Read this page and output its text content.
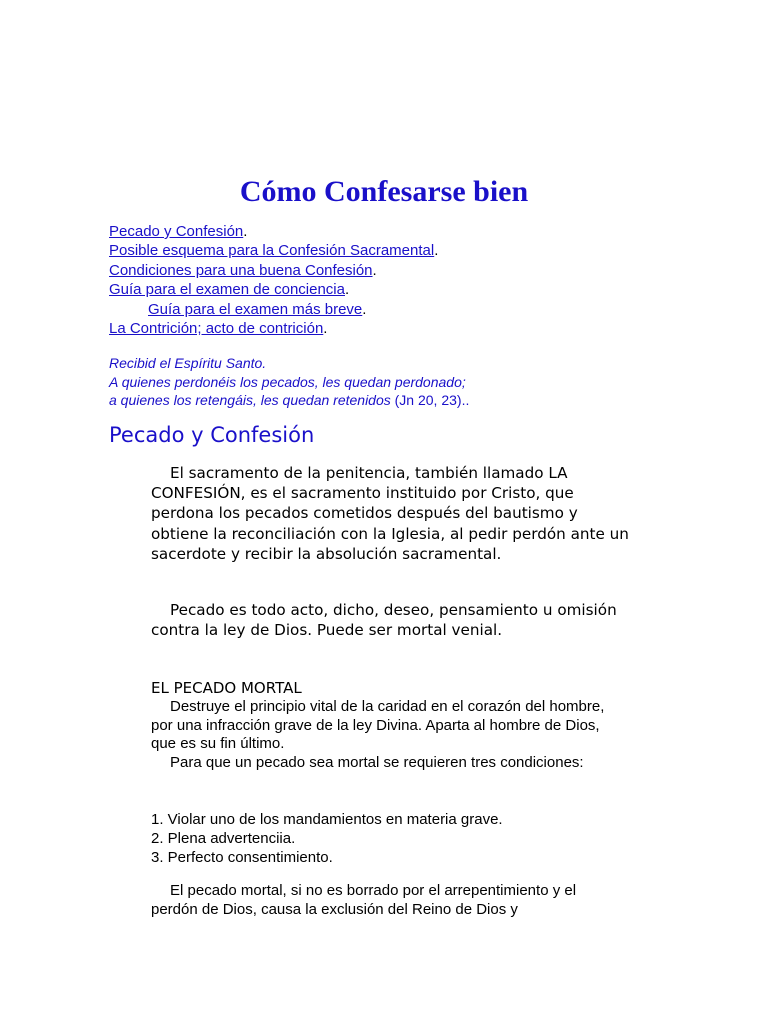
Cómo Confesarse bien
Pecado y Confesión.
Posible esquema para la Confesión Sacramental.
Condiciones para una buena Confesión.
Guía para el examen de conciencia.
Guía para el examen más breve.
La Contrición; acto de contrición.
Recibid el Espíritu Santo.
A quienes perdonéis los pecados, les quedan perdonado;
a quienes los retengáis, les quedan retenidos (Jn 20, 23)..
Pecado y Confesión

El sacramento de la penitencia, también llamado LA CONFESIÓN, es el sacramento instituido por Cristo, que perdona los pecados cometidos después del bautismo y obtiene la reconciliación con la Iglesia, al pedir perdón ante un sacerdote y recibir la absolución sacramental.

Pecado es todo acto, dicho, deseo, pensamiento u omisión contra la ley de Dios. Puede ser mortal venial.

EL PECADO MORTAL

Destruye el principio vital de la caridad en el corazón del hombre, por una infracción grave de la ley Divina. Aparta al hombre de Dios, que es su fin último.

Para que un pecado sea mortal se requieren tres condiciones:

1. Violar uno de los mandamientos en materia grave.
2. Plena advertenciia.
3. Perfecto consentimiento.

El pecado mortal, si no es borrado por el arrepentimiento y el perdón de Dios, causa la exclusión del Reino de Dios y
